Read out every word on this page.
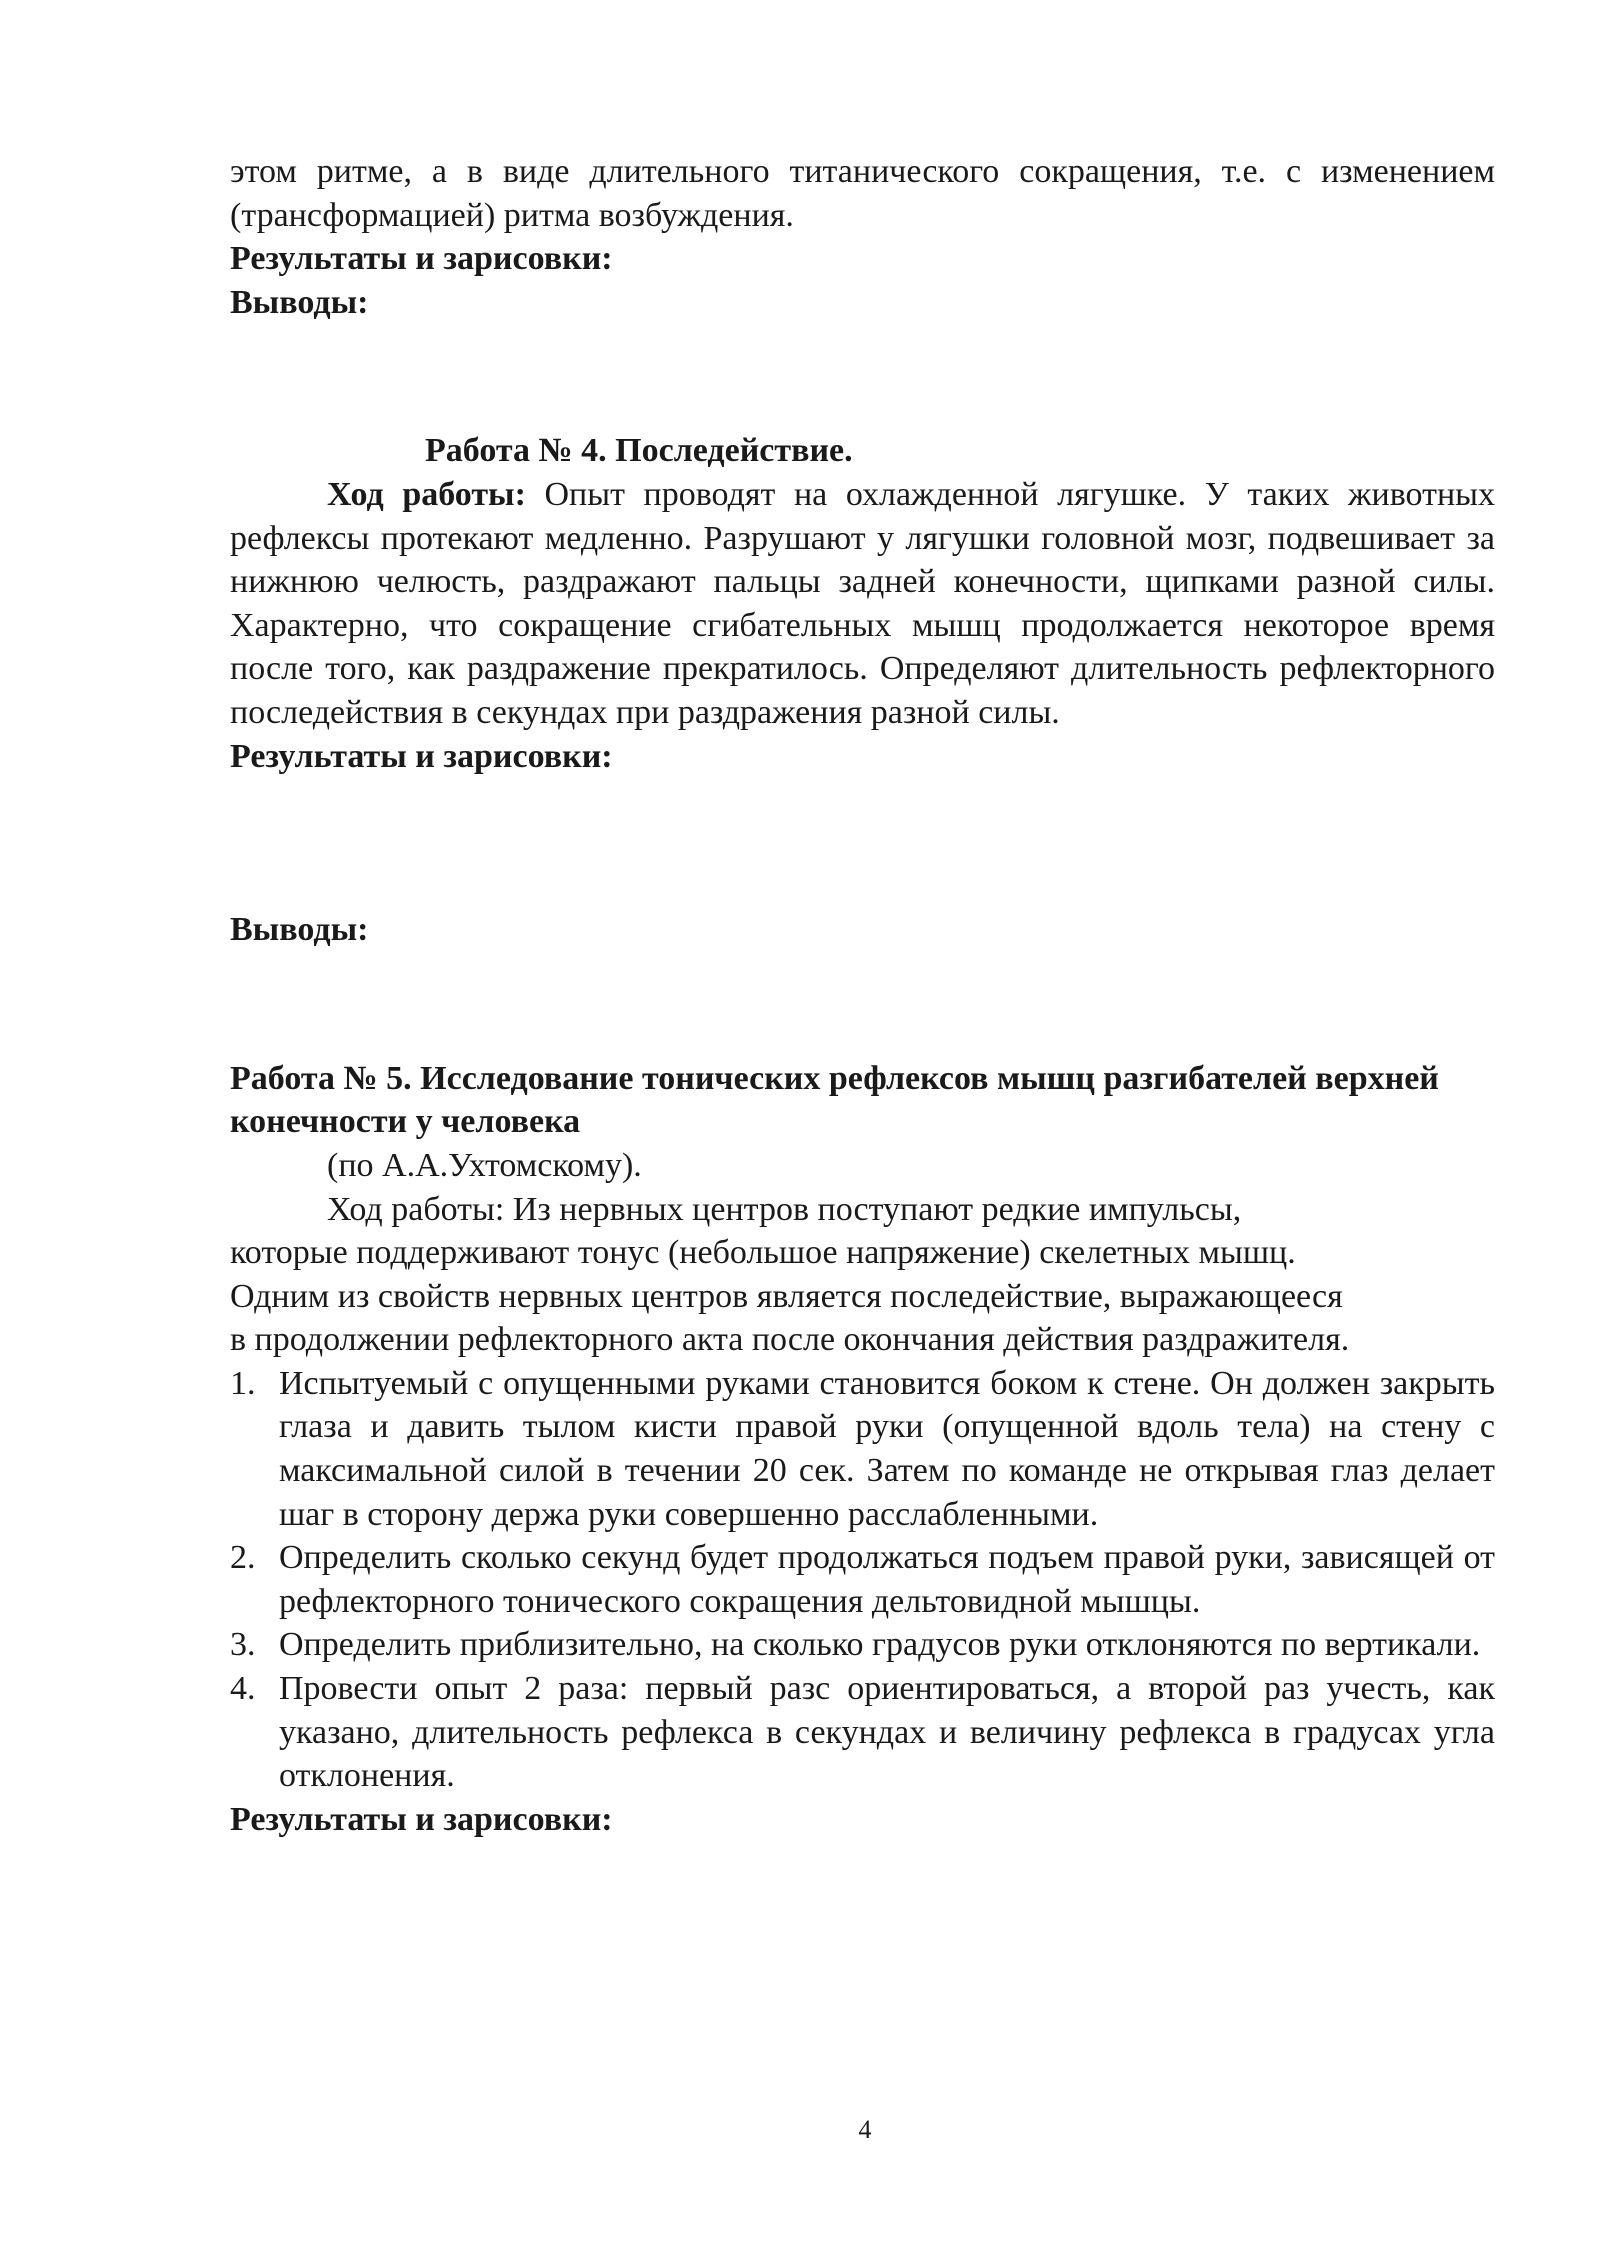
этом ритме, а в виде длительного титанического сокращения, т.е. с изменением (трансформацией) ритма возбуждения.

Результаты и зарисовки:

Выводы:

Работа № 4. Последействие.

Ход работы: Опыт проводят на охлажденной лягушке. У таких животных рефлексы протекают медленно. Разрушают у лягушки головной мозг, подвешивает за нижнюю челюсть, раздражают пальцы задней конечности, щипками разной силы. Характерно, что сокращение сгибательных мышц продолжается некоторое время после того, как раздражение прекратилось. Определяют длительность рефлекторного последействия в секундах при раздражения разной силы.

Результаты и зарисовки:

Выводы:

Работа № 5. Исследование тонических рефлексов мышц разгибателей верхней конечности у человека

(по А.А.Ухтомскому).

Ход работы: Из нервных центров поступают редкие импульсы,

которые поддерживают тонус (небольшое напряжение) скелетных мышц.

Одним из свойств нервных центров является последействие, выражающееся

в продолжении рефлекторного акта после окончания действия раздражителя.

1. Испытуемый с опущенными руками становится боком к стене. Он должен закрыть глаза и давить тылом кисти правой руки (опущенной вдоль тела) на стену с максимальной силой в течении 20 сек. Затем по команде не открывая глаз делает шаг в сторону держа руки совершенно расслабленными.
2. Определить сколько секунд будет продолжаться подъем правой руки, зависящей от рефлекторного тонического сокращения дельтовидной мышцы.
3. Определить приблизительно, на сколько градусов руки отклоняются по вертикали.
4. Провести опыт 2 раза: первый разс ориентироваться, а второй раз учесть, как указано, длительность рефлекса в секундах и величину рефлекса в градусах угла отклонения.

Результаты и зарисовки:

4
